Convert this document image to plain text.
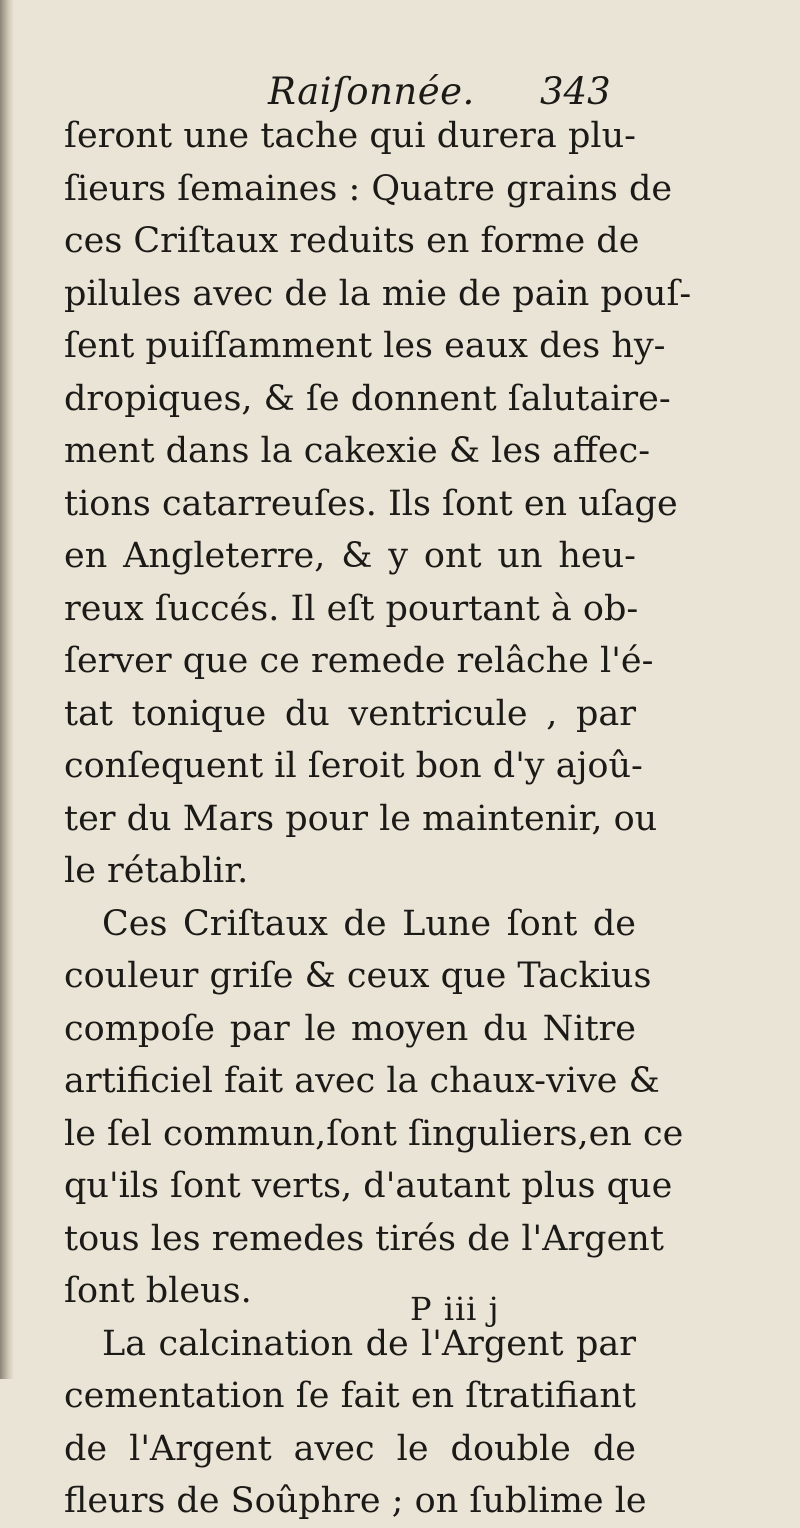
Raiſonnée. 343
ſeront une tache qui durera plu-
ſieurs ſemaines : Quatre grains de
ces Criſtaux reduits en forme de
pilules avec de la mie de pain pouſ-
ſent puiſſamment les eaux des hy-
dropiques, & ſe donnent ſalutaire-
ment dans la cakexie & les affec-
tions catarreuſes. Ils ſont en uſage
en Angleterre, & y ont un heu-
reux ſuccés. Il eſt pourtant à ob-
ſerver que ce remede relâche l'é-
tat tonique du ventricule , par
conſequent il ſeroit bon d'y ajoû-
ter du Mars pour le maintenir, ou
le rétablir.
Ces Criſtaux de Lune ſont de
couleur griſe & ceux que Tackius
compoſe par le moyen du Nitre
artificiel fait avec la chaux-vive &
le ſel commun,ſont ſinguliers,en ce
qu'ils ſont verts, d'autant plus que
tous les remedes tirés de l'Argent
ſont bleus.
La calcination de l'Argent par
cementation ſe fait en ſtratifiant
de l'Argent avec le double de
fleurs de Soûphre ; on ſublime le
P iii j
